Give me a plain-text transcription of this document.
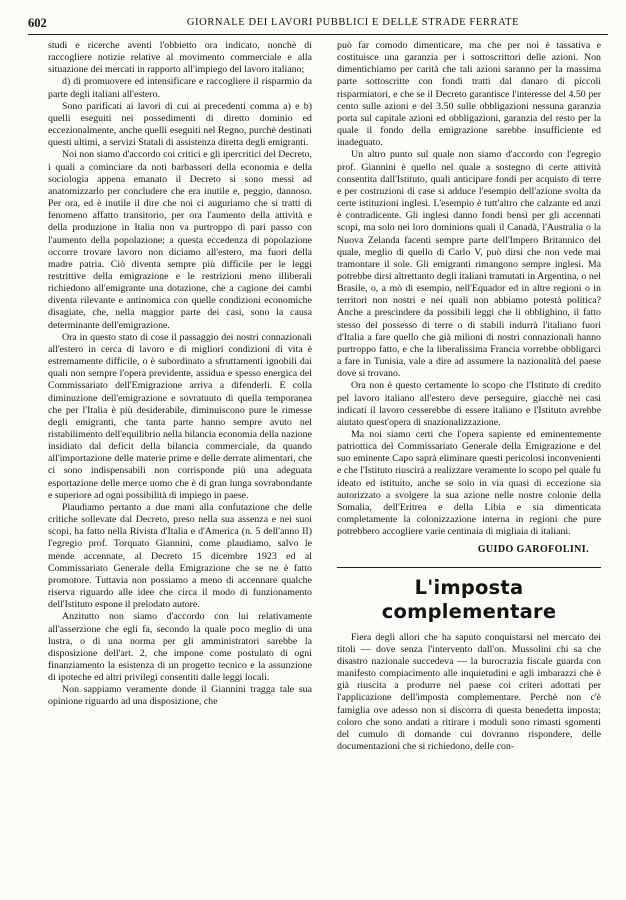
602	GIORNALE DEI LAVORI PUBBLICI E DELLE STRADE FERRATE

studi e ricerche aventi l'obbietto ora indicato, nonchè di raccogliere notizie relative al movimento commerciale e alla situazione dei mercati in rapporto all'impiego del lavoro italiano;

d) di promuovere ed intensificare e raccogliere il risparmio da parte degli italiani all'estero.

Sono parificati ai lavori di cui ai precedenti comma a) e b) quelli eseguiti nei possedimenti di diretto dominio ed eccezionalmente, anche quelli eseguiti nel Regno, purchè destinati questi ultimi, a servizi Statali di assistenza diretta degli emigranti.

Noi non siamo d'accordo coi critici e gli ipercritici del Decreto, i quali a cominciare da noti barbassori della economia e della sociologia appena emanato il Decreto si sono messi ad anatomizzarlo per concludere che era inutile e, peggio, dannoso. Per ora, ed è inutile il dire che noi ci auguriamo che si tratti di fenomeno affatto transitorio, per ora l'aumento della attività e della produzione in Italia non va purtroppo di pari passo con l'aumento della popolazione; a questa eccedenza di popolazione occorre trovare lavoro non diciamo all'estero, ma fuori della madre patria. Ciò diventa sempre più difficile per le leggi restrittive della emigrazione e le restrizioni meno illiberali richiedono all'emigrante una dotazione, che a cagione dei cambi diventa rilevante e antinomica con quelle condizioni economiche disagiate, che, nella maggior parte dei casi, sono la causa determinante dell'emigrazione.

Ora in questo stato di cose il passaggio dei nostri connazionali all'estero in cerca di lavoro e di migliori condizioni di vita è estremamente difficile, o è subordinato a sfruttamenti ignobili dai quali non sempre l'opera previdente, assidua e spesso energica del Commissariato dell'Emigrazione arriva a difenderli. E colla diminuzione dell'emigrazione e sovratuuto di quella temporanea che per l'Italia è più desiderabile, diminuiscono pure le rimesse degli emigranti, che tanta parte hanno sempre avuto nel ristabilimento dell'equilibrio nella bilancia economia della nazione insidiato dal deficit della bilancia commerciale, da quando all'importazione delle materie prime e delle derrate alimentari, che ci sono indispensabili non corrisponde più una adeguata esportazione delle merce uomo che è di gran lunga sovrabondante e superiore ad ogni possibilità di impiego in paese.

Plaudiamo pertanto a due mani alla confutazione che delle critiche sollevate dal Decreto, preso nella sua assenza e nei suoi scopi, ha fatto nella Rivista d'Italia e d'America (n. 5 dell'anno II) l'egregio prof. Torquato Giannini, come plaudiamo, salvo le mende accennate, al Decreto 15 dicembre 1923 ed al Commissariato Generale della Emigrazione che se ne è fatto promotore. Tuttavia non possiamo a meno di accennare qualche riserva riguardo alle idee che circa il modo di funzionamento dell'Istituto espone il prelodato autore.

Anzitutto non siamo d'accordo con lui relativamente all'asserzione che egli fa, secondo la quale poco meglio di una lustra, o di una norma per gli amministratori sarebbe la disposizione dell'art. 2, che impone come postulato di ogni finanziamento la esistenza di un progetto tecnico e la assunzione di ipoteche ed altri privilegi consentiti dalle leggi locali.

Non sappiamo veramente donde il Giannini tragga tale sua opinione riguardo ad una disposizione, che

può far comodo dimenticare, ma che per noi è tassativa e costituisce una garanzia per i sottoscrittori delle azioni. Non dimentichiamo per carità che tali azioni saranno per la massima parte sottoscritte con fondi tratti dal danaro di piccoli risparmiatori, e che se il Decreto garantisce l'interesse del 4.50 per cento sulle azioni e del 3.50 sulle obbligazioni nessuna garanzia porta sul capitale azioni ed obbligazioni, garanzia del resto per la quale il fondo della emigrazione sarebbe insufficiente ed inadeguato.

Un altro punto sul quale non siamo d'accordo con l'egregio prof. Giannini è quello nel quale a sostegno di certe attività consentita dall'Istituto, quali anticipare fondi per acquisto di terre e per costruzioni di case si adduce l'esempio dell'azione svolta da certe istituzioni inglesi. L'esempio è tutt'altro che calzante ed anzi è contradicente. Gli inglesi danno fondi bensì per gli accennati scopi, ma solo nei loro dominions quali il Canadà, l'Australia o la Nuova Zelanda facenti sempre parte dell'Impero Britannico del quale, meglio di quello di Carlo V, può dirsi che non vede mai tramontare il sole. Gli emigranti rimangono sempre inglesi. Ma potrebbe dirsi altrettanto degli italiani tramutati in Argentina, o nel Brasile, o, a mò di esempio, nell'Equador ed in altre regioni o in territori non nostri e nei quali non abbiamo potestà politica? Anche a prescindere da possibili leggi che li obblighino, il fatto stesso del possesso di terre o di stabili indurrà l'italiano fuori d'Italia a fare quello che già milioni di nostri connazionali hanno purtroppo fatto, e che la liberalissima Francia vorrebbe obbligarci a fare in Tunisia, vale a dire ad assumere la nazionalità del paese dove si trovano.

Ora non è questo certamente lo scopo che l'Istituto di credito pel lavoro italiano all'estero deve perseguire, giacchè nei casi indicati il lavoro cesserebbe di essere italiano e l'Istituto avrebbe aiutato quest'opera di snazionalizzazione.

Ma noi siamo certi che l'opera sapiente ed eminentemente patriottica del Commissariato Generale della Emigrazione e del suo eminente Capo saprà eliminare questi pericolosi inconvenienti e che l'Istituto riuscirà a realizzare veramente lo scopo pel quale fu ideato ed istituito, anche se solo in via quasi di eccezione sia autorizzato a svolgere la sua azione nelle nostre colonie della Somalia, dell'Eritrea e della Libia e sia dimenticata completamente la colonizzazione interna in regioni che pure potrebbero accogliere varie centinaia di migliaia di italiani.

GUIDO GAROFOLINI.
L'imposta complementare

Fiera degli allori che ha saputo conquistarsi nel mercato dei titoli — dove senza l'intervento dall'on. Mussolini chi sa che disastro nazionale succedeva — la burocrazia fiscale guarda con manifesto compiacimento alle inquietudini e agli imbarazzi che è già riuscita a produrre nel paese coi criteri adottati per l'applicazione dell'imposta complementare. Perchè non c'è famiglia ove adesso non si discorra di questa benedetta imposta; coloro che sono andati a ritirare i moduli sono rimasti sgomenti del cumulo di domande cui dovranno rispondere, delle documentazioni che si richiedono, delle con-
